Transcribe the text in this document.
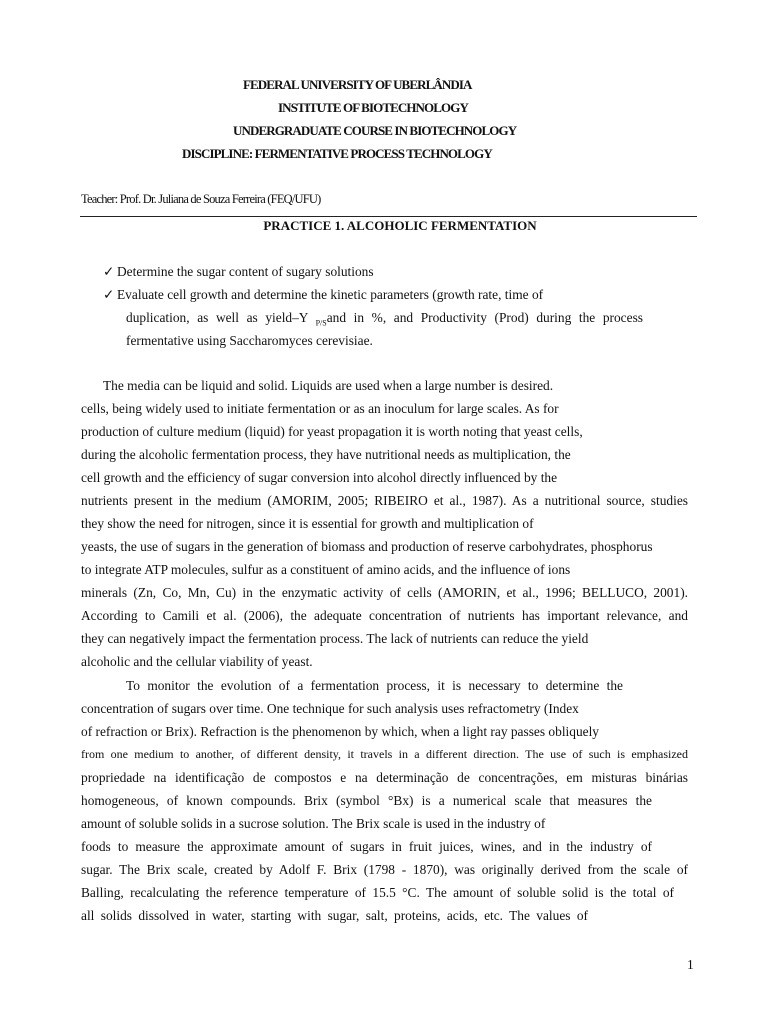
FEDERAL UNIVERSITY OF UBERLÂNDIA
INSTITUTE OF BIOTECHNOLOGY
UNDERGRADUATE COURSE IN BIOTECHNOLOGY
DISCIPLINE: FERMENTATIVE PROCESS TECHNOLOGY
Teacher: Prof. Dr. Juliana de Souza Ferreira (FEQ/UFU)
PRACTICE 1. ALCOHOLIC FERMENTATION
✓ Determine the sugar content of sugary solutions
✓ Evaluate cell growth and determine the kinetic parameters (growth rate, time of
duplication, as well as yield–Y $_{P/S}$and in %, and Productivity (Prod) during the process
fermentative using Saccharomyces cerevisiae.
The media can be liquid and solid. Liquids are used when a large number is desired.
cells, being widely used to initiate fermentation or as an inoculum for large scales. As for
production of culture medium (liquid) for yeast propagation it is worth noting that yeast cells,
during the alcoholic fermentation process, they have nutritional needs as multiplication, the
cell growth and the efficiency of sugar conversion into alcohol directly influenced by the
nutrients present in the medium (AMORIM, 2005; RIBEIRO et al., 1987). As a nutritional source, studies
they show the need for nitrogen, since it is essential for growth and multiplication of
yeasts, the use of sugars in the generation of biomass and production of reserve carbohydrates, phosphorus
to integrate ATP molecules, sulfur as a constituent of amino acids, and the influence of ions
minerals (Zn, Co, Mn, Cu) in the enzymatic activity of cells (AMORIN, et al., 1996; BELLUCO, 2001).
According to Camili et al. (2006), the adequate concentration of nutrients has important relevance, and
they can negatively impact the fermentation process. The lack of nutrients can reduce the yield
alcoholic and the cellular viability of yeast.
To monitor the evolution of a fermentation process, it is necessary to determine the
concentration of sugars over time. One technique for such analysis uses refractometry (Index
of refraction or Brix). Refraction is the phenomenon by which, when a light ray passes obliquely
from one medium to another, of different density, it travels in a different direction. The use of such is emphasized
propriedade na identificação de compostos e na determinação de concentrações, em misturas binárias
homogeneous, of known compounds. Brix (symbol °Bx) is a numerical scale that measures the
amount of soluble solids in a sucrose solution. The Brix scale is used in the industry of
foods to measure the approximate amount of sugars in fruit juices, wines, and in the industry of
sugar. The Brix scale, created by Adolf F. Brix (1798 - 1870), was originally derived from the scale of
Balling, recalculating the reference temperature of 15.5 °C. The amount of soluble solid is the total of
all solids dissolved in water, starting with sugar, salt, proteins, acids, etc. The values of
1
